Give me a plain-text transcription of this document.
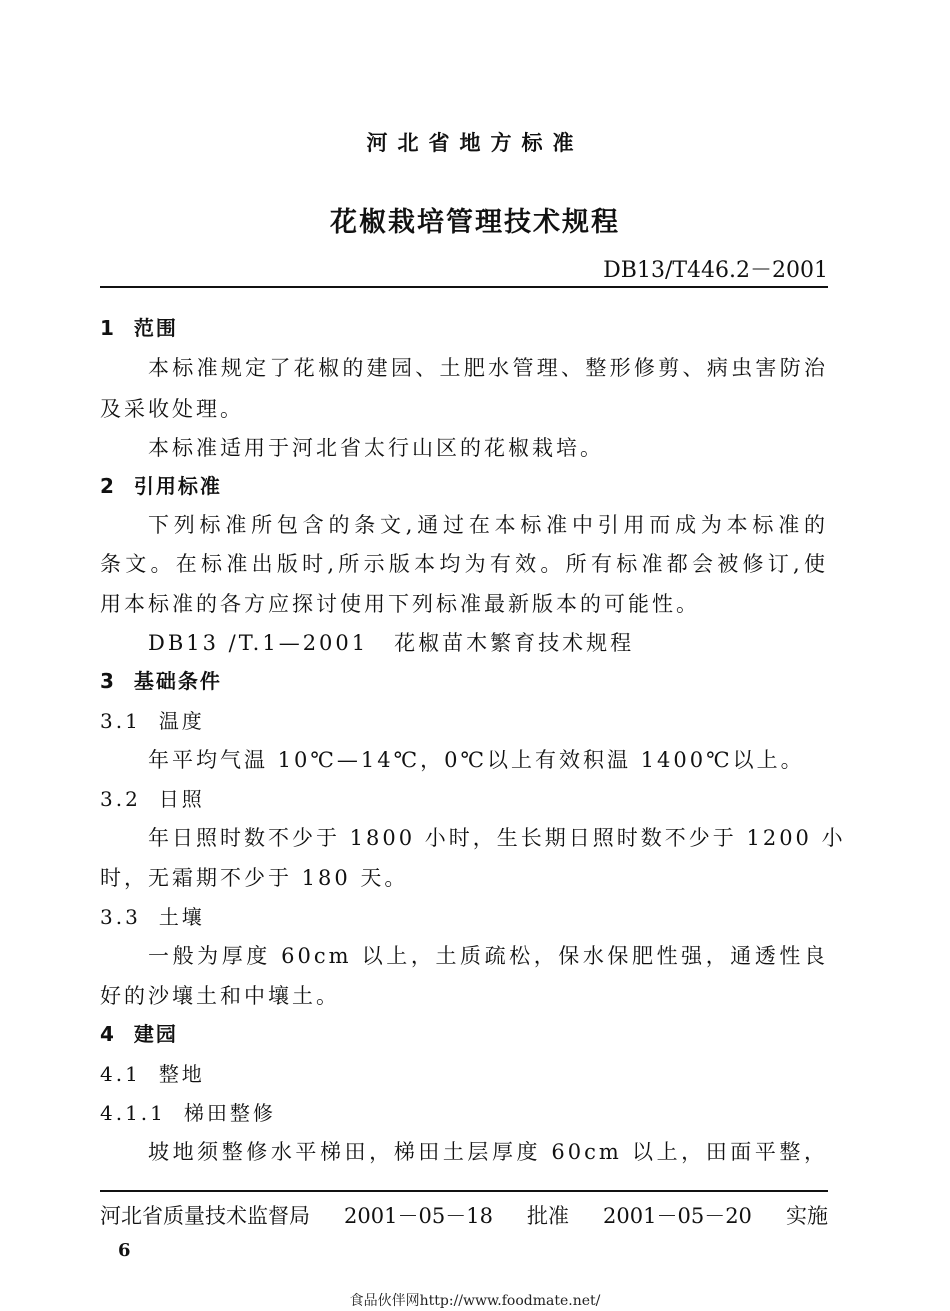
河北省地方标准
花椒栽培管理技术规程
DB13/T446.2－2001
1 范围
本标准规定了花椒的建园、土肥水管理、整形修剪、病虫害防治
及采收处理。
本标准适用于河北省太行山区的花椒栽培。
2 引用标准
下列标准所包含的条文,通过在本标准中引用而成为本标准的
条文。在标准出版时,所示版本均为有效。所有标准都会被修订,使
用本标准的各方应探讨使用下列标准最新版本的可能性。
DB13 /T.1—2001 花椒苗木繁育技术规程
3 基础条件
3.1 温度
年平均气温 10℃—14℃，0℃以上有效积温 1400℃以上。
3.2 日照
年日照时数不少于 1800 小时，生长期日照时数不少于 1200 小
时，无霜期不少于 180 天。
3.3 土壤
一般为厚度 60cm 以上，土质疏松，保水保肥性强，通透性良
好的沙壤土和中壤土。
4 建园
4.1 整地
4.1.1 梯田整修
坡地须整修水平梯田，梯田土层厚度 60cm 以上，田面平整，
河北省质量技术监督局 2001－05－18 批准 2001－05－20 实施
6
食品伙伴网http://www.foodmate.net/
